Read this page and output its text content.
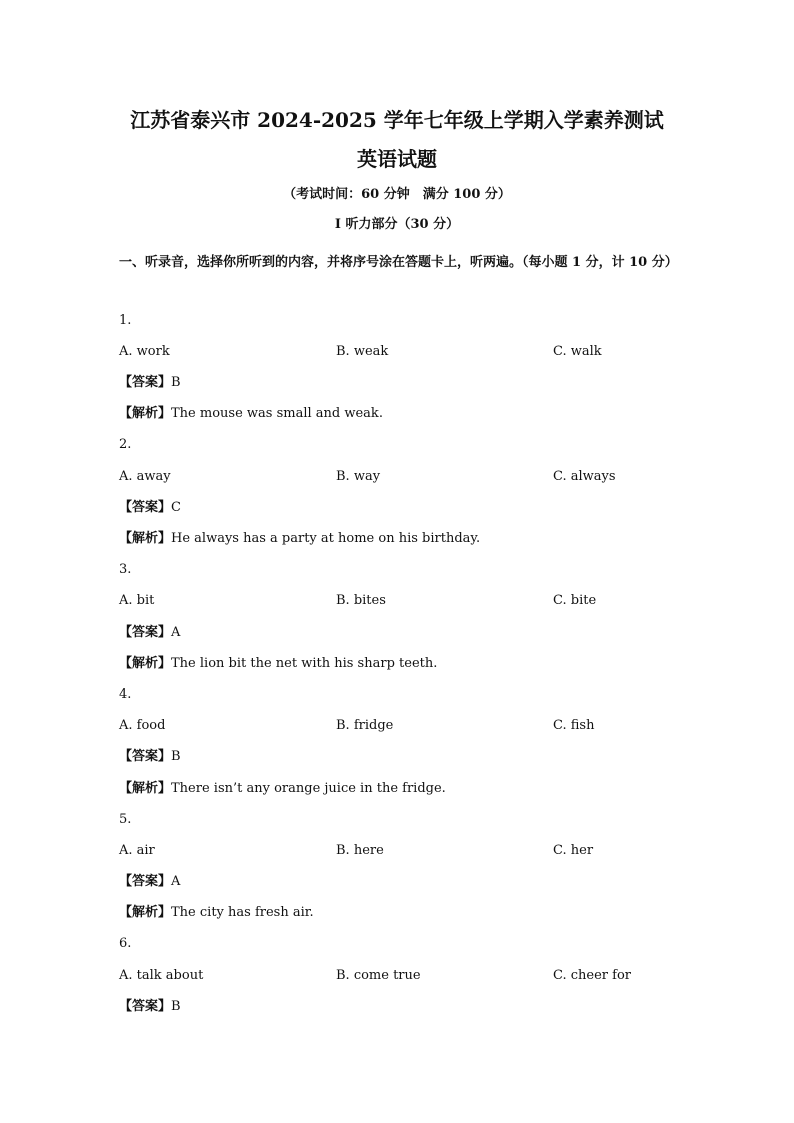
江苏省泰兴市 2024-2025 学年七年级上学期入学素养测试
英语试题
（考试时间：60 分钟　满分 100 分）
I 听力部分（30 分）
一、听录音，选择你所听到的内容，并将序号涂在答题卡上，听两遍。（每小题 1 分，计 10 分）
1.
A. work	B. weak	C. walk
【答案】B
【解析】The mouse was small and weak.
2.
A. away	B. way	C. always
【答案】C
【解析】He always has a party at home on his birthday.
3.
A. bit	B. bites	C. bite
【答案】A
【解析】The lion bit the net with his sharp teeth.
4.
A. food	B. fridge	C. fish
【答案】B
【解析】There isn’t any orange juice in the fridge.
5.
A. air	B. here	C. her
【答案】A
【解析】The city has fresh air.
6.
A. talk about	B. come true	C. cheer for
【答案】B
